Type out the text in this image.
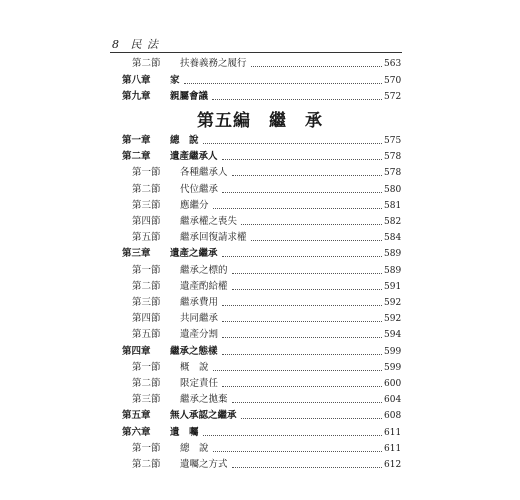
8 民 法
第二節 扶養義務之履行	563
第八章 家	570
第九章 親屬會議	572
第五編　繼　承
第一章 總　說	575
第二章 遺產繼承人	578
第一節 各種繼承人	578
第二節 代位繼承	580
第三節 應繼分	581
第四節 繼承權之喪失	582
第五節 繼承回復請求權	584
第三章 遺產之繼承	589
第一節 繼承之標的	589
第二節 遺產酌給權	591
第三節 繼承費用	592
第四節 共同繼承	592
第五節 遺產分割	594
第四章 繼承之態樣	599
第一節 概　說	599
第二節 限定責任	600
第三節 繼承之拋棄	604
第五章 無人承認之繼承	608
第六章 遺　囑	611
第一節 總　說	611
第二節 遺囑之方式	612
